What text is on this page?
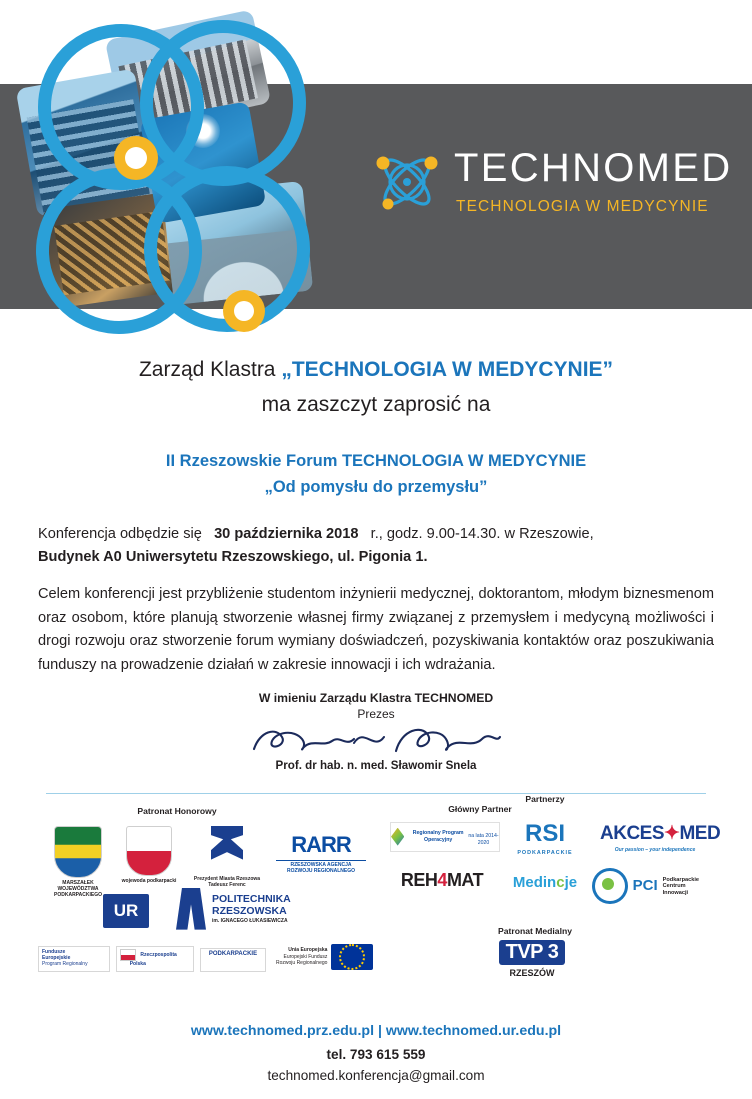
TECHNOMED
TECHNOLOGIA W MEDYCYNIE
Zarząd Klastra „TECHNOLOGIA W MEDYCYNIE”
ma zaszczyt zaprosić na
II Rzeszowskie Forum TECHNOLOGIA W MEDYCYNIE
„Od pomysłu do przemysłu”

Konferencja odbędzie się 30 października 2018 r., godz. 9.00-14.30. w Rzeszowie,
Budynek A0 Uniwersytetu Rzeszowskiego, ul. Pigonia 1.

Celem konferencji jest przybliżenie studentom inżynierii medycznej, doktorantom, młodym biznesmenom oraz osobom, które planują stworzenie własnej firmy związanej z przemysłem i medycyną możliwości i drogi rozwoju oraz stworzenie forum wymiany doświadczeń, pozyskiwania kontaktów oraz poszukiwania funduszy na prowadzenie działań w zakresie innowacji i ich wdrażania.

W imieniu Zarządu Klastra TECHNOMED
Prezes
Prof. dr hab. n. med. Sławomir Snela
Patronat Honorowy	Główny Partner
Partnerzy
Patronat Medialny
MARSZAŁEK
WOJEWÓDZTWA
PODKARPACKIEGO
wojewoda podkarpacki	Prezydent Miasta Rzeszowa
Tadeusz Ferenc
RARR
RZESZOWSKA AGENCJA
ROZWOJU REGIONALNEGO
UR
POLITECHNIKA
RZESZOWSKA
im. IGNACEGO ŁUKASIEWICZA
Fundusze
Europejskie
Program Regionalny
Rzeczpospolita
Polska
PODKARPACKIE
Unia Europejska
Europejski Fundusz
Rozwoju Regionalnego
Regionalny Program Operacyjny

na lata 2014-2020	RSI
PODKARPACKIE
AKCES✦MED
Our passion – your independence
REH4MAT	Medincje	PCI Podkarpackie
Centrum Innowacji
TVP 3
RZESZÓW
www.technomed.prz.edu.pl | www.technomed.ur.edu.pl
tel. 793 615 559
technomed.konferencja@gmail.com
